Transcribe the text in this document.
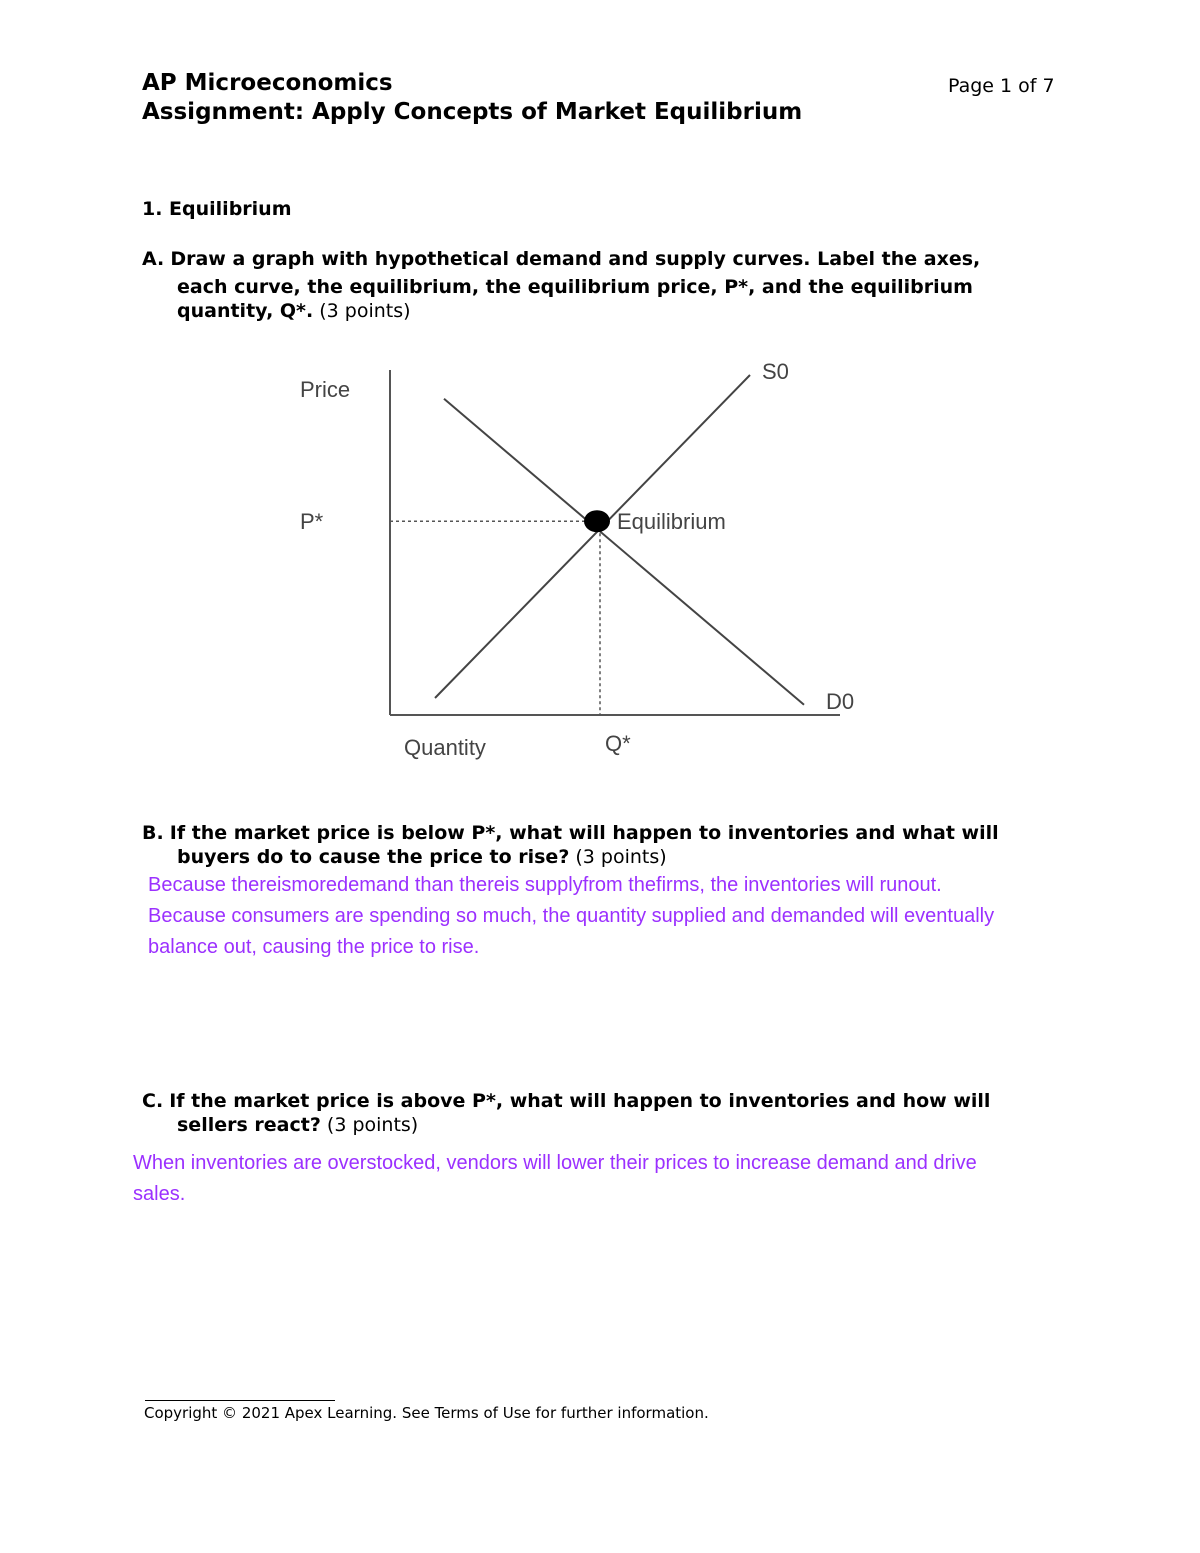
AP Microeconomics
Assignment: Apply Concepts of Market Equilibrium
Page 1 of 7
1. Equilibrium
A. Draw a graph with hypothetical demand and supply curves. Label the axes,
each curve, the equilibrium, the equilibrium price, P*, and the equilibrium
quantity, Q*. (3 points)
Price
Quantity
S0
D0
Equilibrium
P*
Q*
B. If the market price is below P*, what will happen to inventories and what will
buyers do to cause the price to rise? (3 points)
Because thereismoredemand than thereis supplyfrom thefirms, the inventories will runout.
Because consumers are spending so much, the quantity supplied and demanded will eventually
balance out, causing the price to rise.
C. If the market price is above P*, what will happen to inventories and how will
sellers react? (3 points)
When inventories are overstocked, vendors will lower their prices to increase demand and drive
sales.
Copyright © 2021 Apex Learning. See Terms of Use for further information.
